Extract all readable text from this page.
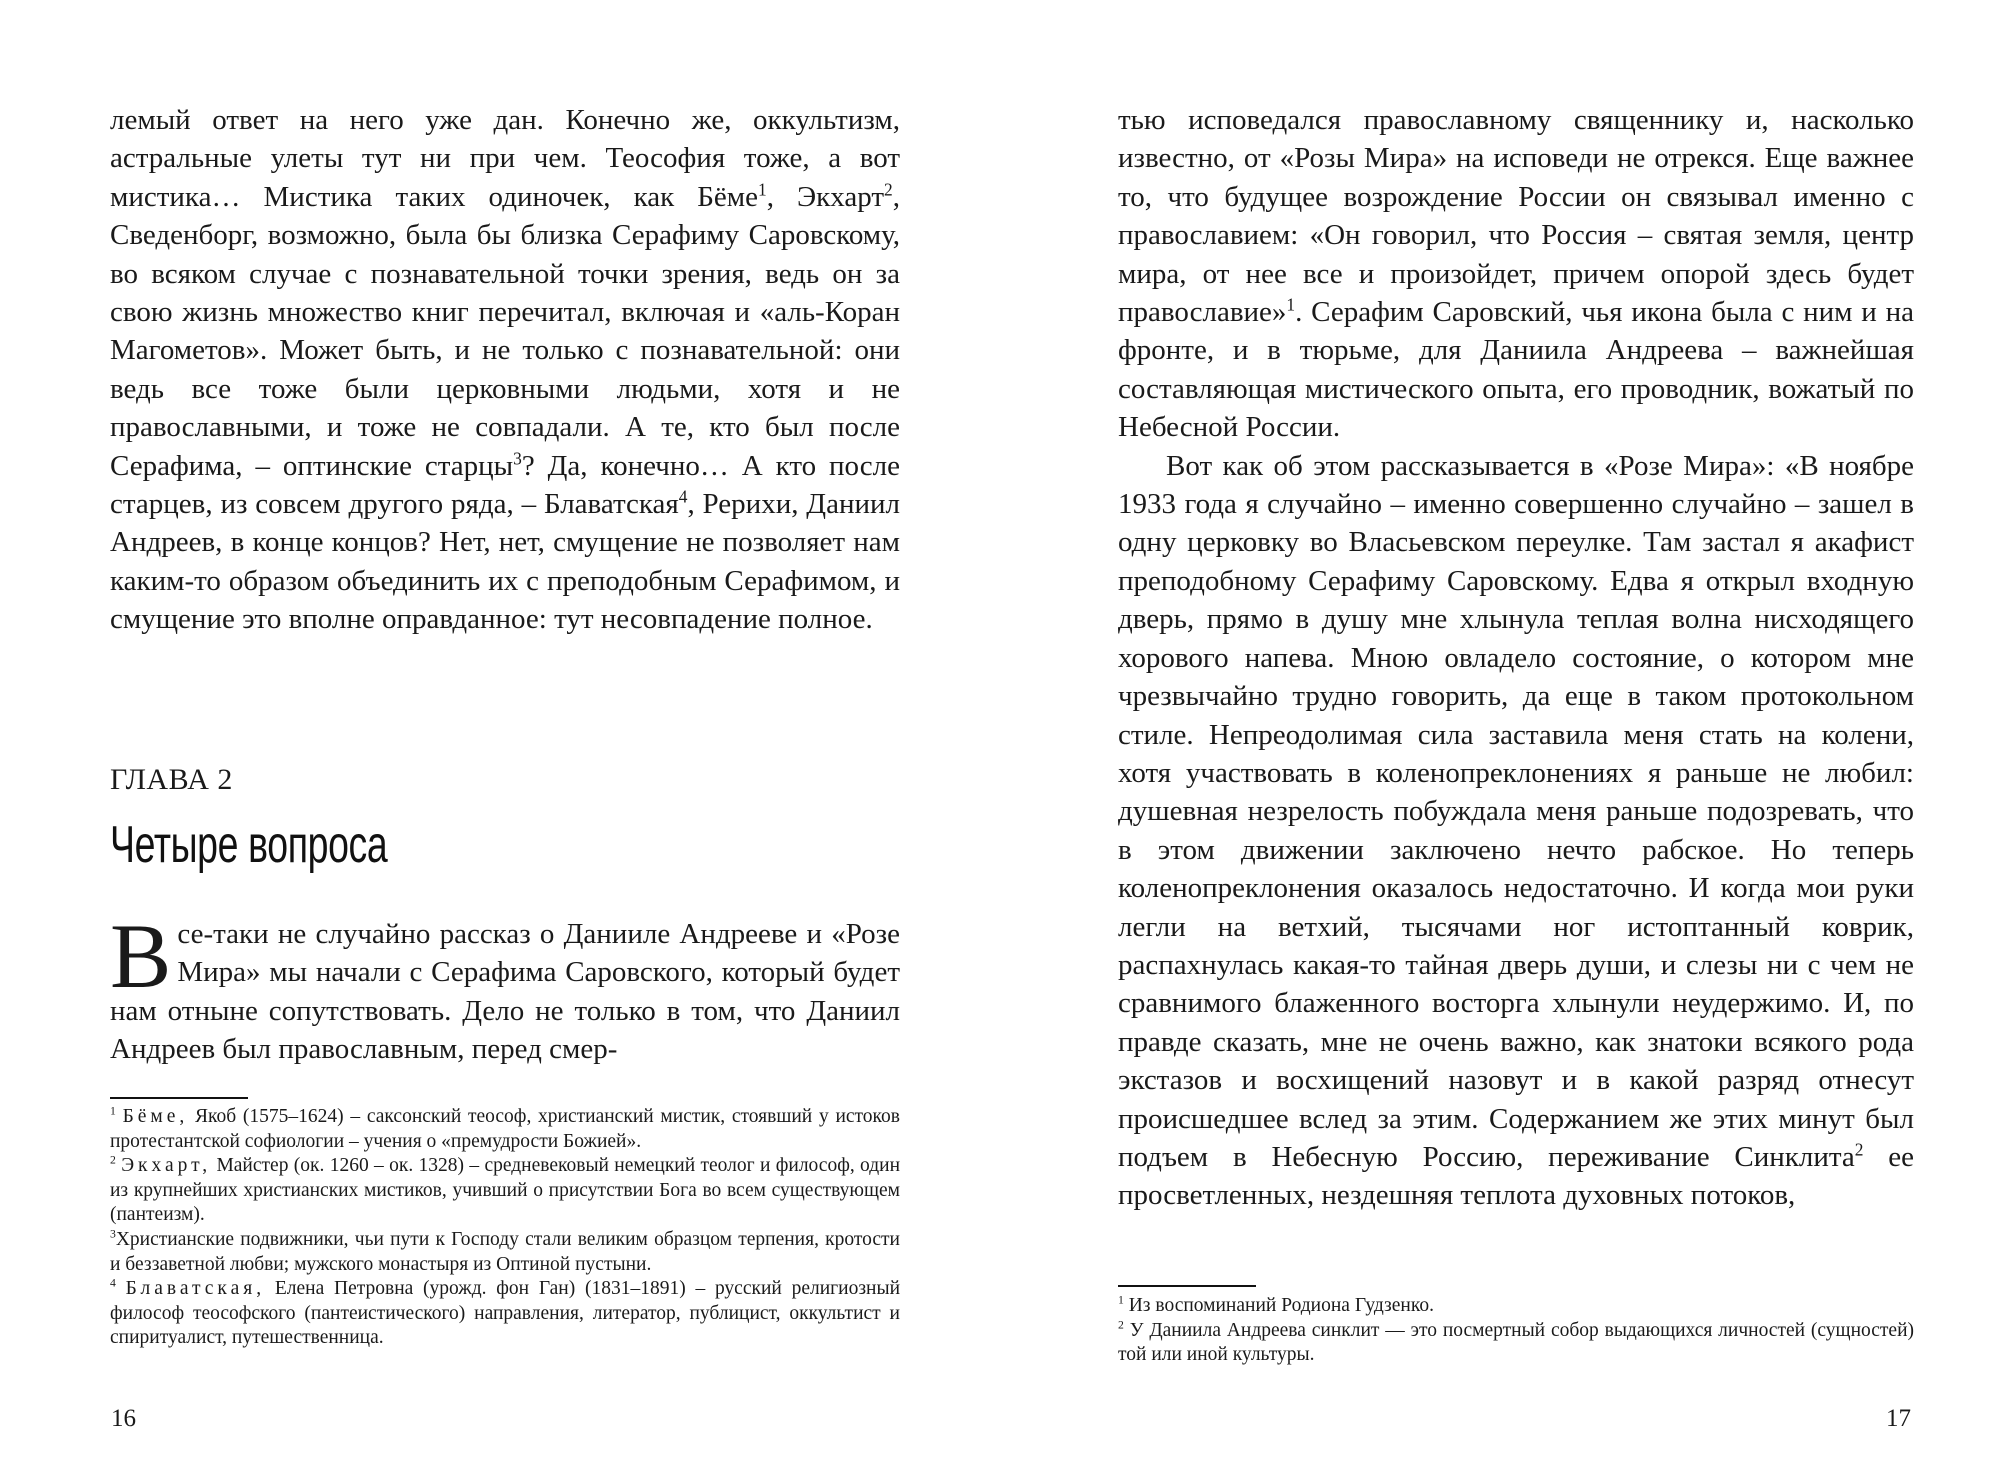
лемый ответ на него уже дан. Конечно же, оккультизм, астральные улеты тут ни при чем. Теософия тоже, а вот мистика… Мистика таких одиночек, как Бёме$^1$, Экхарт$^2$, Сведенборг, возможно, была бы близка Серафиму Саровскому, во всяком случае с познавательной точки зрения, ведь он за свою жизнь множество книг перечитал, включая и «аль-Коран Магометов». Может быть, и не только с познавательной: они ведь все тоже были церковными людьми, хотя и не православными, и тоже не совпадали. А те, кто был после Серафима, – оптинские старцы$^3$? Да, конечно… А кто после старцев, из совсем другого ряда, – Блаватская$^4$, Рерихи, Даниил Андреев, в конце концов? Нет, нет, смущение не позволяет нам каким-то образом объединить их с преподобным Серафимом, и смущение это вполне оправданное: тут несовпадение полное.

ГЛАВА 2
Четыре вопроса

Все-таки не случайно рассказ о Данииле Андрееве и «Розе Мира» мы начали с Серафима Саровского, который будет нам отныне сопутствовать. Дело не только в том, что Даниил Андреев был православным, перед смер-

$^1$ Бёме, Якоб (1575–1624) – саксонский теософ, христианский мистик, стоявший у истоков протестантской софиологии – учения о «премудрости Божией».

$^2$ Экхарт, Майстер (ок. 1260 – ок. 1328) – средневековый немецкий теолог и философ, один из крупнейших христианских мистиков, учивший о присутствии Бога во всем существующем (пантеизм).

$^3$Христианские подвижники, чьи пути к Господу стали великим образцом терпения, кротости и беззаветной любви; мужского монастыря из Оптиной пустыни.

$^4$ Блаватская, Елена Петровна (урожд. фон Ган) (1831–1891) – русский религиозный философ теософского (пантеистического) направления, литератор, публицист, оккультист и спиритуалист, путешественница.

16

тью исповедался православному священнику и, насколько известно, от «Розы Мира» на исповеди не отрекся. Еще важнее то, что будущее возрождение России он связывал именно с православием: «Он говорил, что Россия – святая земля, центр мира, от нее все и произойдет, причем опорой здесь будет православие»$^1$. Серафим Саровский, чья икона была с ним и на фронте, и в тюрьме, для Даниила Андреева – важнейшая составляющая мистического опыта, его проводник, вожатый по Небесной России.

Вот как об этом рассказывается в «Розе Мира»: «В ноябре 1933 года я случайно – именно совершенно случайно – зашел в одну церковку во Власьевском переулке. Там застал я акафист преподобному Серафиму Саровскому. Едва я открыл входную дверь, прямо в душу мне хлынула теплая волна нисходящего хорового напева. Мною овладело состояние, о котором мне чрезвычайно трудно говорить, да еще в таком протокольном стиле. Непреодолимая сила заставила меня стать на колени, хотя участвовать в коленопреклонениях я раньше не любил: душевная незрелость побуждала меня раньше подозревать, что в этом движении заключено нечто рабское. Но теперь коленопреклонения оказалось недостаточно. И когда мои руки легли на ветхий, тысячами ног истоптанный коврик, распахнулась какая-то тайная дверь души, и слезы ни с чем не сравнимого блаженного восторга хлынули неудержимо. И, по правде сказать, мне не очень важно, как знатоки всякого рода экстазов и восхищений назовут и в какой разряд отнесут происшедшее вслед за этим. Содержанием же этих минут был подъем в Небесную Россию, переживание Синклита$^2$ ее просветленных, нездешняя теплота духовных потоков,

$^1$ Из воспоминаний Родиона Гудзенко.

$^2$ У Даниила Андреева синклит — это посмертный собор выдающихся личностей (сущностей) той или иной культуры.

17
